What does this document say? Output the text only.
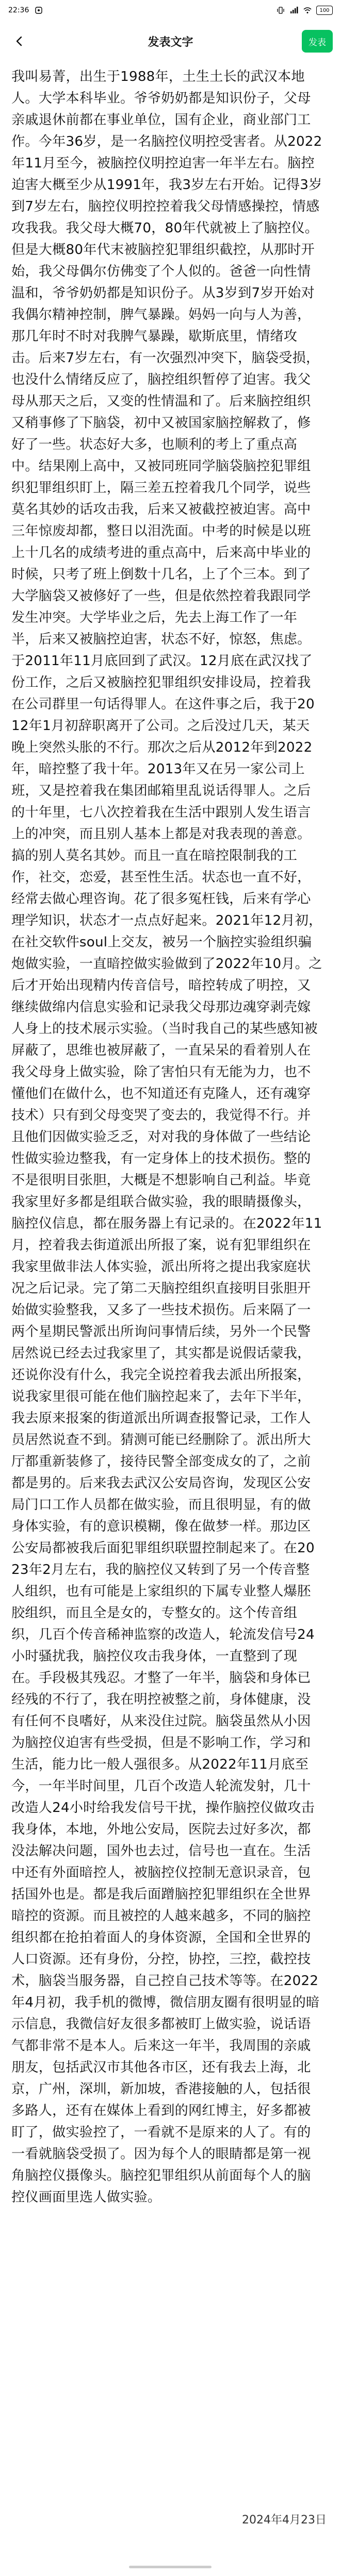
22:36	100
发表文字	发表
我叫易菁，出生于1988年，土生土长的武汉本地人。大学本科毕业。爷爷奶奶都是知识份子，父母亲戚退休前都在事业单位，国有企业，商业部门工作。今年36岁，是一名脑控仪明控受害者。从2022年11月至今，被脑控仪明控迫害一年半左右。脑控迫害大概至少从1991年，我3岁左右开始。记得3岁到7岁左右，脑控仪明控控着我父母情感操控，情感攻我我。我父母大概70，80年代就被上了脑控仪。但是大概80年代末被脑控犯罪组织截控，从那时开始，我父母偶尔仿佛变了个人似的。爸爸一向性情温和，爷爷奶奶都是知识份子。从3岁到7岁开始对我偶尔精神控制，脾气暴躁。妈妈一向与人为善，那几年时不时对我脾气暴躁，歇斯底里，情绪攻击。后来7岁左右，有一次强烈冲突下，脑袋受损，也没什么情绪反应了，脑控组织暂停了迫害。我父母从那天之后，又变的性情温和了。后来脑控组织又稍事修了下脑袋，初中又被国家脑控解救了，修好了一些。状态好大多，也顺利的考上了重点高中。结果刚上高中，又被同班同学脑袋脑控犯罪组织犯罪组织盯上，隔三差五控着我几个同学，说些莫名其妙的话攻击我，后来又被截控被迫害。高中三年惊废却都，整日以泪洗面。中考的时候是以班上十几名的成绩考进的重点高中，后来高中毕业的时候，只考了班上倒数十几名，上了个三本。到了大学脑袋又被修好了一些，但是依然控着我跟同学发生冲突。大学毕业之后，先去上海工作了一年半，后来又被脑控迫害，状态不好，惊怒，焦虑。于2011年11月底回到了武汉。12月底在武汉找了份工作，之后又被脑控犯罪组织安排设局，控着我在公司群里一句话得罪人。在这件事之后，我于2012年1月初辞职离开了公司。之后没过几天，某天晚上突然头胀的不行。那次之后从2012年到2022年，暗控整了我十年。2013年又在另一家公司上班，又是控着我在集团邮箱里乱说话得罪人。之后的十年里，七八次控着我在生活中跟别人发生语言上的冲突，而且别人基本上都是对我表现的善意。搞的别人莫名其妙。而且一直在暗控限制我的工作，社交，恋爱，甚至性生活。状态也一直不好，经常去做心理咨询。花了很多冤枉钱，后来有学心理学知识，状态才一点点好起来。2021年12月初，在社交软件soul上交友，被另一个脑控实验组织骗炮做实验，一直暗控做实验做到了2022年10月。之后才开始出现精内传音信号，暗控转成了明控，又继续做绵内信息实验和记录我父母那边魂穿剥壳嫁人身上的技术展示实验。（当时我自己的某些感知被屏蔽了，思维也被屏蔽了，一直呆呆的看着别人在我父母身上做实验，除了害怕只有无能为力，也不懂他们在做什么，也不知道还有克隆人，还有魂穿技术）只有到父母变哭了变去的，我觉得不行。并且他们因做实验乏乏，对对我的身体做了一些结论性做实验边整我，有一定身体上的技术损伤。整的不是很明目张胆，大概是不想影响自己利益。毕竟我家里好多都是组联合做实验，我的眼睛摄像头，脑控仪信息，都在服务器上有记录的。在2022年11月，控着我去街道派出所报了案，说有犯罪组织在我家里做非法人体实验，派出所将之提出我家庭状况之后记录。完了第二天脑控组织直接明目张胆开始做实验整我，又多了一些技术损伤。后来隔了一两个星期民警派出所询问事情后续，另外一个民警居然说已经去过我家里了，其实都是说假话蒙我，还说你没有什么，我完全说控着我去派出所报案，说我家里很可能在他们脑控起来了，去年下半年，我去原来报案的街道派出所调查报警记录，工作人员居然说查不到。猜测可能已经删除了。派出所大厅都重新装修了，接待民警全部变成女的了，之前都是男的。后来我去武汉公安局咨询，发现区公安局门口工作人员都在做实验，而且很明显，有的做身体实验，有的意识模糊，像在做梦一样。那边区公安局都被我后面犯罪组织联盟控制起来了。在2023年2月左右，我的脑控仪又转到了另一个传音整人组织，也有可能是上家组织的下属专业整人爆胚胶组织，而且全是女的，专整女的。这个传音组织，几百个传音稀神监察的改造人，轮流发信号24小时骚扰我，脑控仪攻击我身体，一直整到了现在。手段极其残忍。才整了一年半，脑袋和身体已经残的不行了，我在明控被整之前，身体健康，没有任何不良嗜好，从来没住过院。脑袋虽然从小因为脑控仪迫害有些受损，但是不影响工作，学习和生活，能力比一般人强很多。从2022年11月底至今，一年半时间里，几百个改造人轮流发射，几十改造人24小时给我发信号干扰，操作脑控仪做攻击我身体，本地，外地公安局，医院去过好多次，都没法解决问题，国外也去过，信号也一直在。生活中还有外面暗控人，被脑控仪控制无意识录音，包括国外也是。都是我后面蹭脑控犯罪组织在全世界暗控的资源。而且被控的人越来越多，不同的脑控组织都在抢拍着面人的身体资源，全国和全世界的人口资源。还有身份，分控，协控，三控，截控技术，脑袋当服务器，自己控自己技术等等。在2022年4月初，我手机的微博，微信朋友圈有很明显的暗示信息，我微信好友很多都被盯上做实验，说话语气都非常不是本人。后来这一年半，我周围的亲戚朋友，包括武汉市其他各市区，还有我去上海，北京，广州，深圳，新加坡，香港接触的人，包括很多路人，还有在媒体上看到的网红博主，好多都被盯了，做实验控了，一看就不是原来的人了。有的一看就脑袋受损了。因为每个人的眼睛都是第一视角脑控仪摄像头。脑控犯罪组织从前面每个人的脑控仪画面里选人做实验。
2024年4月23日
